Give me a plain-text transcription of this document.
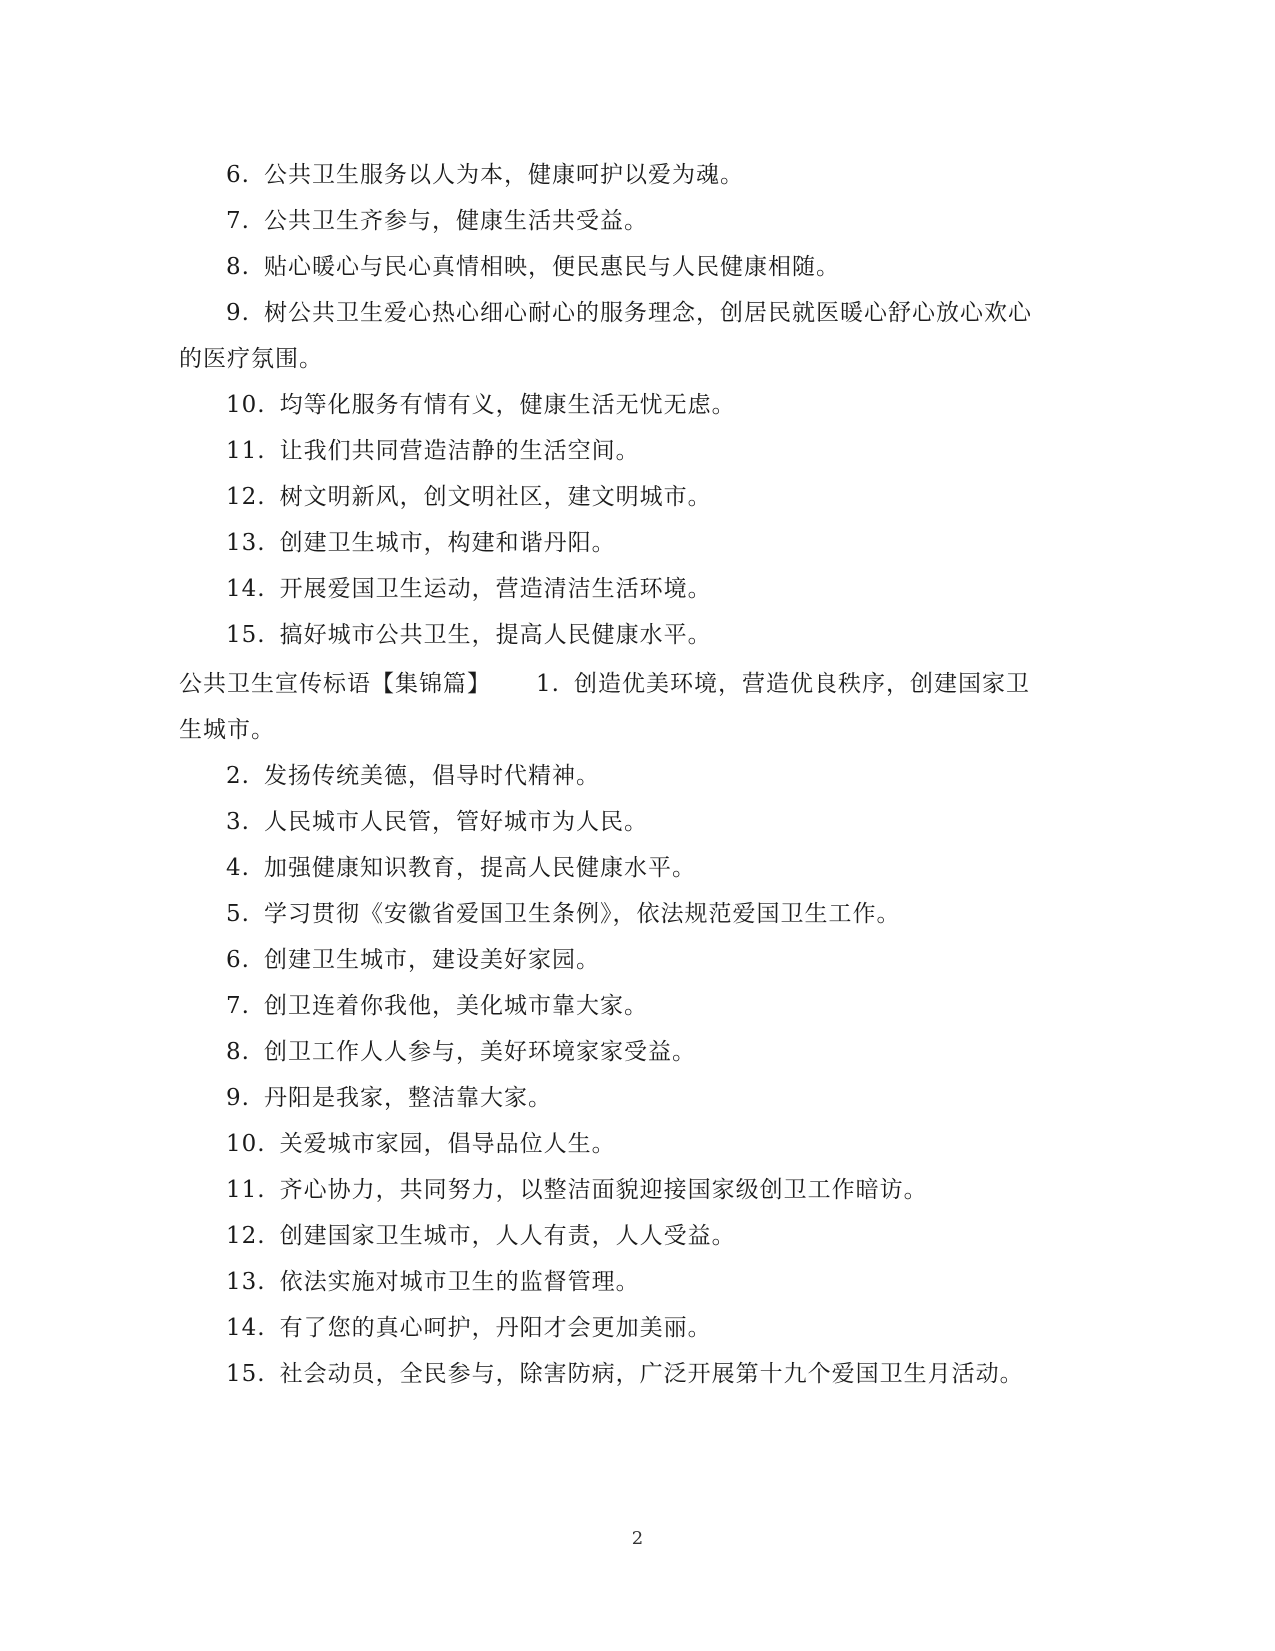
6. 公共卫生服务以人为本，健康呵护以爱为魂。
7. 公共卫生齐参与，健康生活共受益。
8. 贴心暖心与民心真情相映，便民惠民与人民健康相随。
9. 树公共卫生爱心热心细心耐心的服务理念，创居民就医暖心舒心放心欢心
的医疗氛围。
10. 均等化服务有情有义，健康生活无忧无虑。
11. 让我们共同营造洁静的生活空间。
12. 树文明新风，创文明社区，建文明城市。
13. 创建卫生城市，构建和谐丹阳。
14. 开展爱国卫生运动，营造清洁生活环境。
15. 搞好城市公共卫生，提高人民健康水平。
公共卫生宣传标语【集锦篇】 1. 创造优美环境，营造优良秩序，创建国家卫
生城市。
2. 发扬传统美德，倡导时代精神。
3. 人民城市人民管，管好城市为人民。
4. 加强健康知识教育，提高人民健康水平。
5. 学习贯彻《安徽省爱国卫生条例》，依法规范爱国卫生工作。
6. 创建卫生城市，建设美好家园。
7. 创卫连着你我他，美化城市靠大家。
8. 创卫工作人人参与，美好环境家家受益。
9. 丹阳是我家，整洁靠大家。
10. 关爱城市家园，倡导品位人生。
11. 齐心协力，共同努力，以整洁面貌迎接国家级创卫工作暗访。
12. 创建国家卫生城市，人人有责，人人受益。
13. 依法实施对城市卫生的监督管理。
14. 有了您的真心呵护，丹阳才会更加美丽。
15. 社会动员，全民参与，除害防病，广泛开展第十九个爱国卫生月活动。
2
